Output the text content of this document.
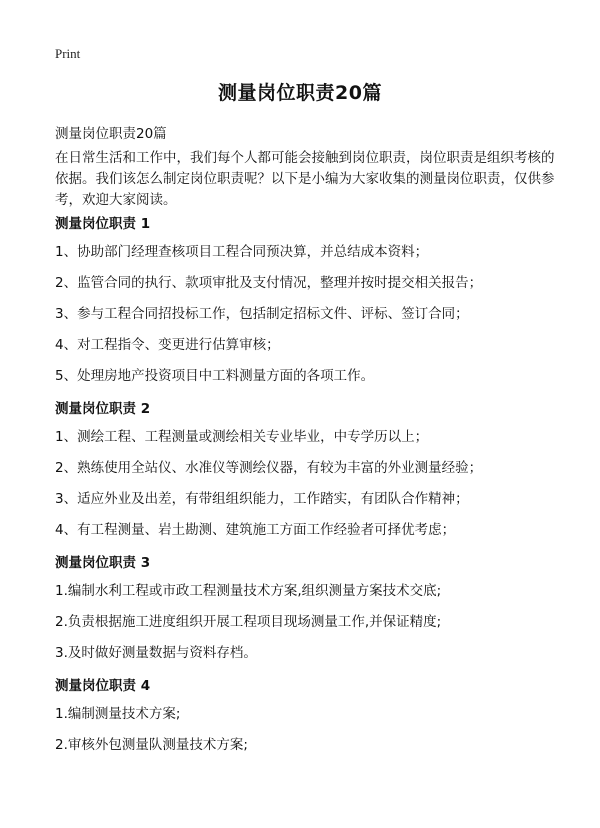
Print
测量岗位职责20篇
测量岗位职责20篇

在日常生活和工作中，我们每个人都可能会接触到岗位职责，岗位职责是组织考核的依据。我们该怎么制定岗位职责呢？以下是小编为大家收集的测量岗位职责，仅供参考，欢迎大家阅读。

测量岗位职责 1
1、协助部门经理查核项目工程合同预决算，并总结成本资料；
2、监管合同的执行、款项审批及支付情况，整理并按时提交相关报告；
3、参与工程合同招投标工作，包括制定招标文件、评标、签订合同；
4、对工程指令、变更进行估算审核；
5、处理房地产投资项目中工料测量方面的各项工作。
测量岗位职责 2
1、测绘工程、工程测量或测绘相关专业毕业，中专学历以上；
2、熟练使用全站仪、水准仪等测绘仪器，有较为丰富的外业测量经验；
3、适应外业及出差，有带组组织能力，工作踏实，有团队合作精神；
4、有工程测量、岩土勘测、建筑施工方面工作经验者可择优考虑；
测量岗位职责 3
1.编制水利工程或市政工程测量技术方案,组织测量方案技术交底;
2.负责根据施工进度组织开展工程项目现场测量工作,并保证精度;
3.及时做好测量数据与资料存档。
测量岗位职责 4
1.编制测量技术方案;
2.审核外包测量队测量技术方案;
